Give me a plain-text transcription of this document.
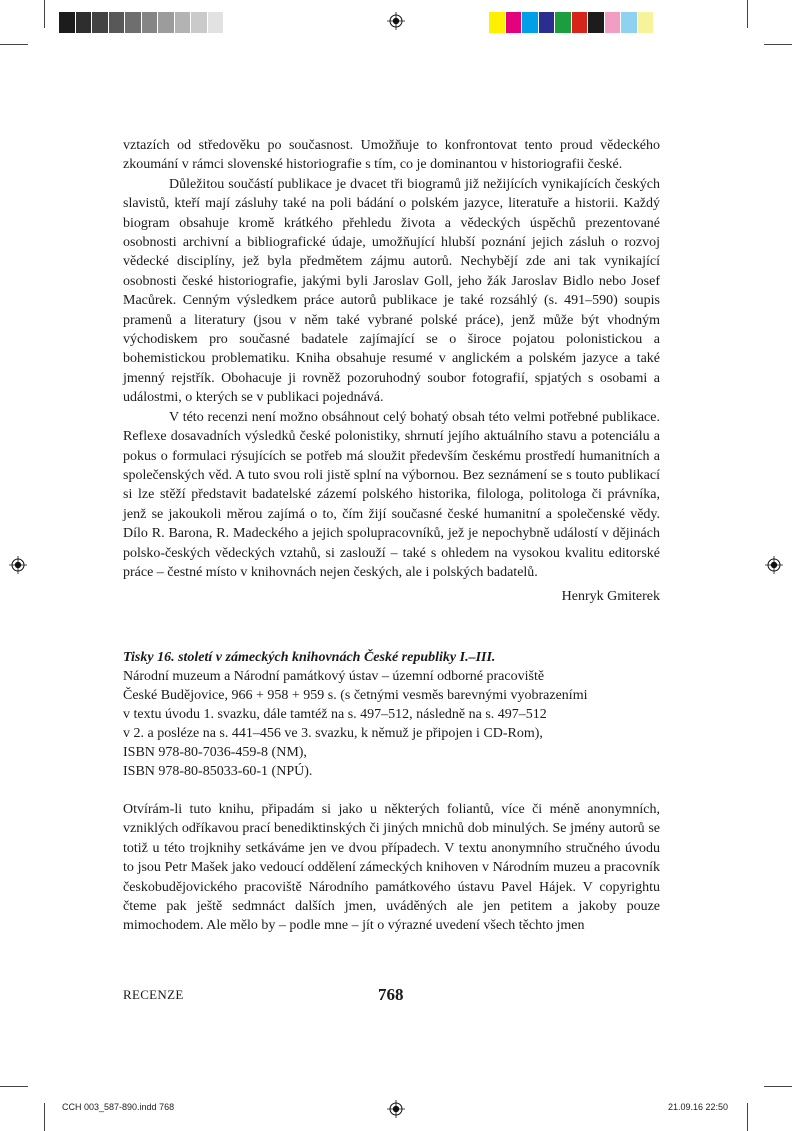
vztazích od středověku po současnost. Umožňuje to konfrontovat tento proud vědeckého zkoumání v rámci slovenské historiografie s tím, co je dominantou v historiografii české.

Důležitou součástí publikace je dvacet tři biogramů již nežijících vynikajících českých slavistů, kteří mají zásluhy také na poli bádání o polském jazyce, literatuře a historii. Každý biogram obsahuje kromě krátkého přehledu života a vědeckých úspěchů prezentované osobnosti archivní a bibliografické údaje, umožňující hlubší poznání jejich zásluh o rozvoj vědecké disciplíny, jež byla předmětem zájmu autorů. Nechybějí zde ani tak vynikající osobnosti české historiografie, jakými byli Jaroslav Goll, jeho žák Jaroslav Bidlo nebo Josef Macůrek. Cenným výsledkem práce autorů publikace je také rozsáhlý (s. 491–590) soupis pramenů a literatury (jsou v něm také vybrané polské práce), jenž může být vhodným východiskem pro současné badatele zajímající se o široce pojatou polonistickou a bohemistickou problematiku. Kniha obsahuje resumé v anglickém a polském jazyce a také jmenný rejstřík. Obohacuje ji rovněž pozoruhodný soubor fotografií, spjatých s osobami a událostmi, o kterých se v publikaci pojednává.

V této recenzi není možno obsáhnout celý bohatý obsah této velmi potřebné publikace. Reflexe dosavadních výsledků české polonistiky, shrnutí jejího aktuálního stavu a potenciálu a pokus o formulaci rýsujících se potřeb má sloužit především českému prostředí humanitních a společenských věd. A tuto svou roli jistě splní na výbornou. Bez seznámení se s touto publikací si lze stěží představit badatelské zázemí polského historika, filologa, politologa či právníka, jenž se jakoukoli měrou zajímá o to, čím žijí současné české humanitní a společenské vědy. Dílo R. Barona, R. Madeckého a jejich spolupracovníků, jež je nepochybně událostí v dějinách polsko-českých vědeckých vztahů, si zaslouží – také s ohledem na vysokou kvalitu editorské práce – čestné místo v knihovnách nejen českých, ale i polských badatelů.

Henryk Gmiterek
Tisky 16. století v zámeckých knihovnách České republiky I.–III.
Národní muzeum a Národní památkový ústav – územní odborné pracoviště
České Budějovice, 966 + 958 + 959 s. (s četnými vesměs barevnými vyobrazeními
v textu úvodu 1. svazku, dále tamtéž na s. 497–512, následně na s. 497–512
v 2. a posléze na s. 441–456 ve 3. svazku, k němuž je připojen i CD-Rom),
ISBN 978-80-7036-459-8 (NM),
ISBN 978-80-85033-60-1 (NPÚ).

Otvírám-li tuto knihu, připadám si jako u některých foliantů, více či méně anonymních, vzniklých odříkavou prací benediktinských či jiných mnichů dob minulých. Se jmény autorů se totiž u této trojknihy setkáváme jen ve dvou případech. V textu anonymního stručného úvodu to jsou Petr Mašek jako vedoucí oddělení zámeckých knihoven v Národním muzeu a pracovník českobudějovického pracoviště Národního památkového ústavu Pavel Hájek. V copyrightu čteme pak ještě sedmnáct dalších jmen, uváděných ale jen petitem a jakoby pouze mimochodem. Ale mělo by – podle mne – jít o výrazné uvedení všech těchto jmen

RECENZE	768
CCH 003_587-890.indd 768	21.09.16 22:50
